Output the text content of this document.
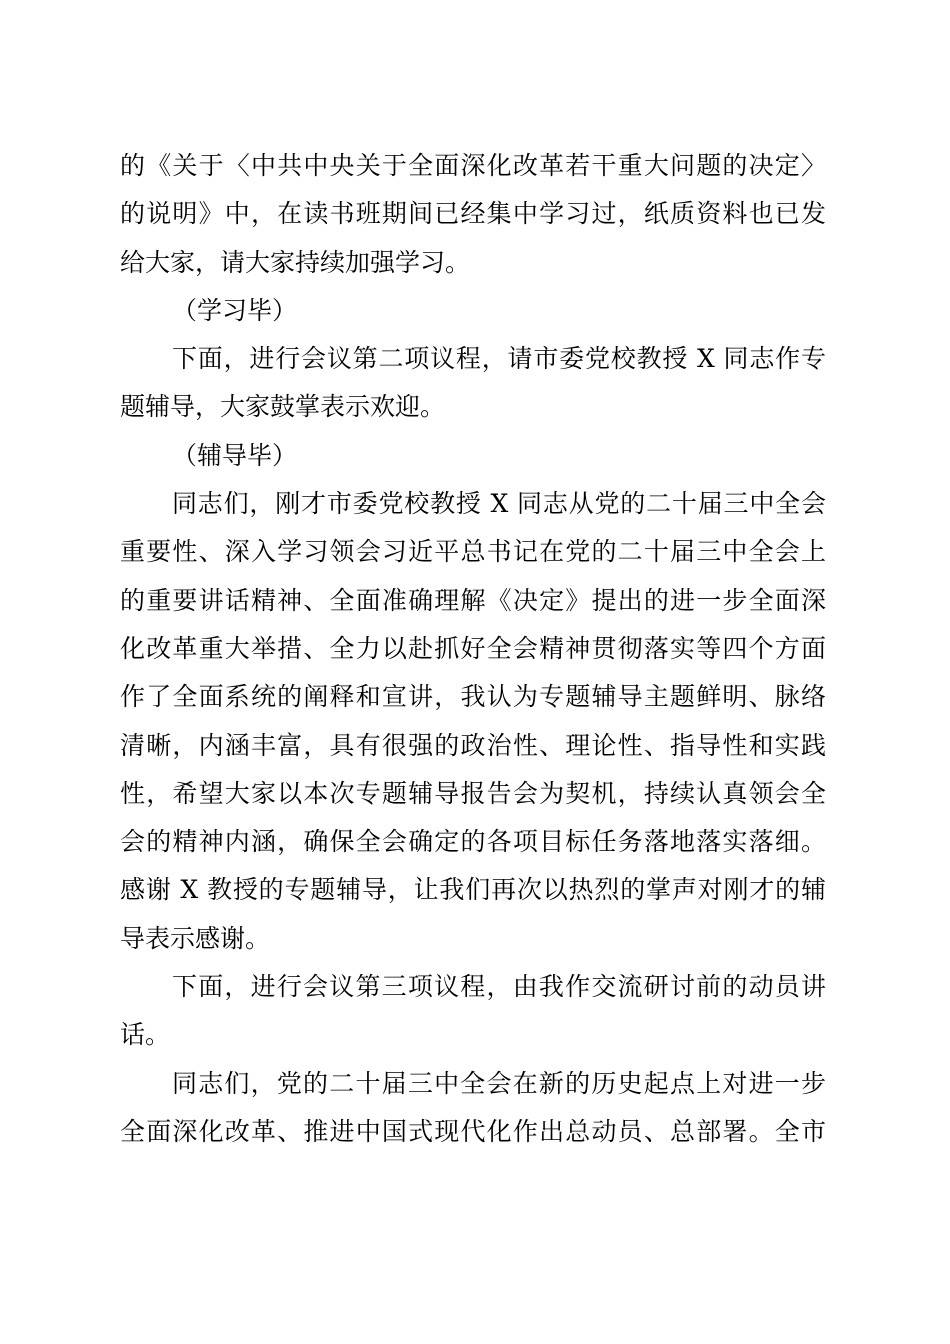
的《关于〈中共中央关于全面深化改革若干重大问题的决定〉
的说明》中，在读书班期间已经集中学习过，纸质资料也已发
给大家，请大家持续加强学习。
（学习毕）
下面，进行会议第二项议程，请市委党校教授 X 同志作专
题辅导，大家鼓掌表示欢迎。
（辅导毕）
同志们，刚才市委党校教授 X 同志从党的二十届三中全会
重要性、深入学习领会习近平总书记在党的二十届三中全会上
的重要讲话精神、全面准确理解《决定》提出的进一步全面深
化改革重大举措、全力以赴抓好全会精神贯彻落实等四个方面
作了全面系统的阐释和宣讲，我认为专题辅导主题鲜明、脉络
清晰，内涵丰富，具有很强的政治性、理论性、指导性和实践
性，希望大家以本次专题辅导报告会为契机，持续认真领会全
会的精神内涵，确保全会确定的各项目标任务落地落实落细。
感谢 X 教授的专题辅导，让我们再次以热烈的掌声对刚才的辅
导表示感谢。
下面，进行会议第三项议程，由我作交流研讨前的动员讲
话。
同志们，党的二十届三中全会在新的历史起点上对进一步
全面深化改革、推进中国式现代化作出总动员、总部署。全市
